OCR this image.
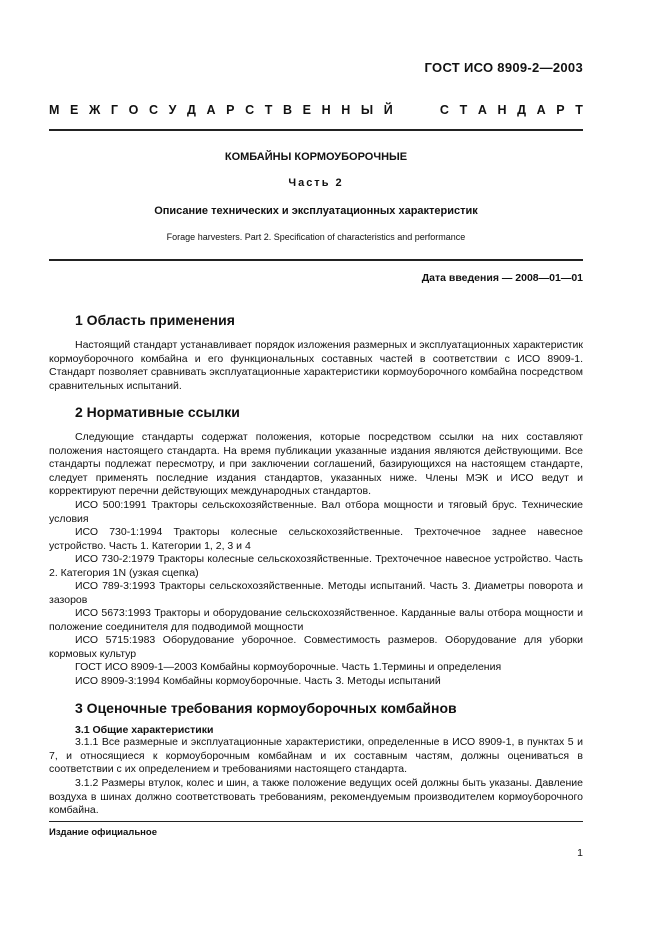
ГОСТ ИСО 8909-2—2003
М Е Ж Г О С У Д А Р С Т В Е Н Н Ы Й	С Т А Н Д А Р Т
КОМБАЙНЫ КОРМОУБОРОЧНЫЕ
Часть 2
Описание технических и эксплуатационных характеристик
Forage harvesters. Part 2. Specification of characteristics and performance
Дата введения — 2008—01—01
1 Область применения

Настоящий стандарт устанавливает порядок изложения размерных и эксплуатационных характеристик кормоуборочного комбайна и его функциональных составных частей в соответствии с ИСО 8909-1. Стандарт позволяет сравнивать эксплуатационные характеристики кормоуборочного комбайна посредством сравнительных испытаний.

2 Нормативные ссылки

Следующие стандарты содержат положения, которые посредством ссылки на них составляют положения настоящего стандарта. На время публикации указанные издания являются действующими. Все стандарты подлежат пересмотру, и при заключении соглашений, базирующихся на настоящем стандарте, следует применять последние издания стандартов, указанных ниже. Члены МЭК и ИСО ведут и корректируют перечни действующих международных стандартов.

ИСО 500:1991 Тракторы сельскохозяйственные. Вал отбора мощности и тяговый брус. Технические условия

ИСО 730-1:1994 Тракторы колесные сельскохозяйственные. Трехточечное заднее навесное устройство. Часть 1. Категории 1, 2, 3 и 4

ИСО 730-2:1979 Тракторы колесные сельскохозяйственные. Трехточечное навесное устройство. Часть 2. Категория 1N (узкая сцепка)

ИСО 789-3:1993 Тракторы сельскохозяйственные. Методы испытаний. Часть 3. Диаметры поворота и зазоров

ИСО 5673:1993 Тракторы и оборудование сельскохозяйственное. Карданные валы отбора мощности и положение соединителя для подводимой мощности

ИСО 5715:1983 Оборудование уборочное. Совместимость размеров. Оборудование для уборки кормовых культур

ГОСТ ИСО 8909-1—2003 Комбайны кормоуборочные. Часть 1.Термины и определения

ИСО 8909-3:1994 Комбайны кормоуборочные. Часть 3. Методы испытаний

3 Оценочные требования кормоуборочных комбайнов
3.1 Общие характеристики

3.1.1 Все размерные и эксплуатационные характеристики, определенные в ИСО 8909-1, в пунктах 5 и 7, и относящиеся к кормоуборочным комбайнам и их составным частям, должны оцениваться в соответствии с их определением и требованиями настоящего стандарта.

3.1.2 Размеры втулок, колес и шин, а также положение ведущих осей должны быть указаны. Давление воздуха в шинах должно соответствовать требованиям, рекомендуемым производителем кормоуборочного комбайна.

Издание официальное
1
